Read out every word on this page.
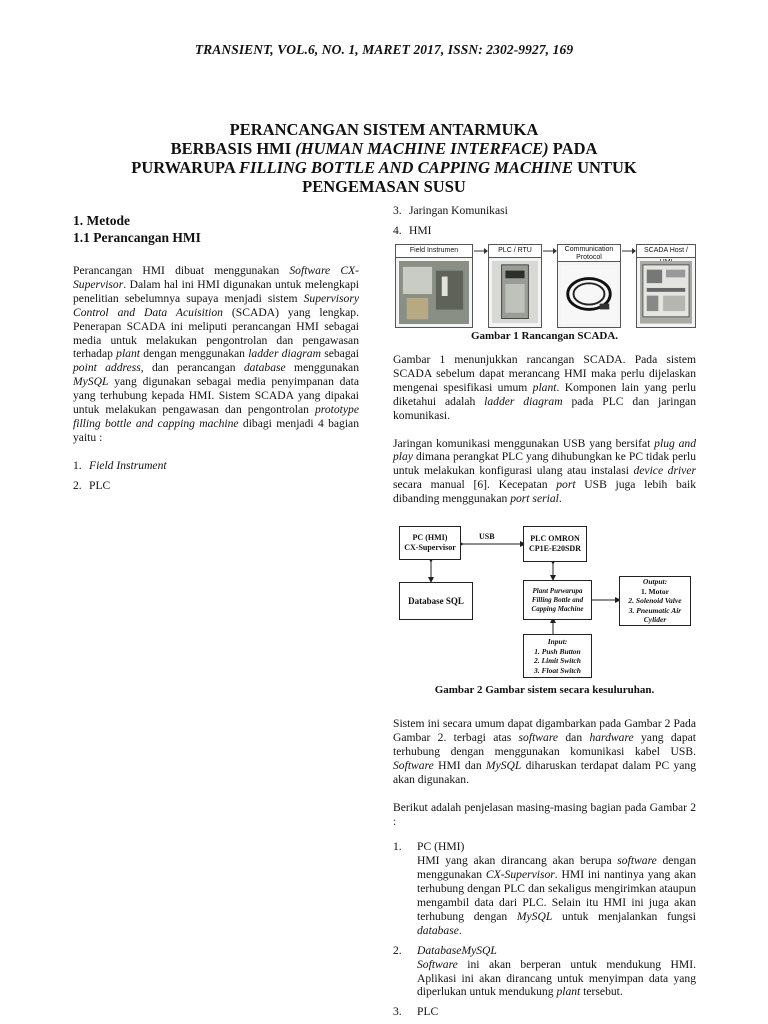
TRANSIENT, VOL.6, NO. 1, MARET 2017, ISSN: 2302-9927, 169
PERANCANGAN SISTEM ANTARMUKA
BERBASIS HMI (HUMAN MACHINE INTERFACE) PADA
PURWARUPA FILLING BOTTLE AND CAPPING MACHINE UNTUK
PENGEMASAN SUSU
1. Metode
1.1 Perancangan HMI

Perancangan HMI dibuat menggunakan Software CX-Supervisor. Dalam hal ini HMI digunakan untuk melengkapi penelitian sebelumnya supaya menjadi sistem Supervisory Control and Data Acuisition (SCADA) yang lengkap. Penerapan SCADA ini meliputi perancangan HMI sebagai media untuk melakukan pengontrolan dan pengawasan terhadap plant dengan menggunakan ladder diagram sebagai point address, dan perancangan database menggunakan MySQL yang digunakan sebagai media penyimpanan data yang terhubung kepada HMI. Sistem SCADA yang dipakai untuk melakukan pengawasan dan pengontrolan prototype filling bottle and capping machine dibagi menjadi 4 bagian yaitu :

1. Field Instrument
2. PLC
3. Jaringan Komunikasi
4. HMI
Field Instrumen	PLC / RTU	Communication Protocol
SCADA Host /
Gambar 1 Rancangan SCADA.

Gambar 1 menunjukkan rancangan SCADA. Pada sistem SCADA sebelum dapat merancang HMI maka perlu dijelaskan mengenai spesifikasi umum plant. Komponen lain yang perlu diketahui adalah ladder diagram pada PLC dan jaringan komunikasi.

Jaringan komunikasi menggunakan USB yang bersifat plug and play dimana perangkat PLC yang dihubungkan ke PC tidak perlu untuk melakukan konfigurasi ulang atau instalasi device driver secara manual [6]. Kecepatan port USB juga lebih baik dibanding menggunakan port serial.

PC (HMI)
CX-Supervisor
USB	PLC OMRON
CP1E-E20SDR
Database SQL
Plant Purwarupa
Filling Bottle and
Capping Machine
Output:
1. Motor
2. Solenoid Valve
3. Pneumatic Air
Cylider
Input:
1. Push Button
2. Limit Switch
3. Float Switch
Gambar 2 Gambar sistem secara kesuluruhan.

Sistem ini secara umum dapat digambarkan pada Gambar 2 Pada Gambar 2. terbagi atas software dan hardware yang dapat terhubung dengan menggunakan komunikasi kabel USB. Software HMI dan MySQL diharuskan terdapat dalam PC yang akan digunakan.

Berikut adalah penjelasan masing-masing bagian pada Gambar 2 :

1.	PC (HMI)
HMI yang akan dirancang akan berupa software dengan menggunakan CX-Supervisor. HMI ini nantinya yang akan terhubung dengan PLC dan sekaligus mengirimkan ataupun mengambil data dari PLC. Selain itu HMI ini juga akan terhubung dengan MySQL untuk menjalankan fungsi database.
2.	DatabaseMySQL
Software ini akan berperan untuk mendukung HMI. Aplikasi ini akan dirancang untuk menyimpan data yang diperlukan untuk mendukung plant tersebut.
3.	PLC
